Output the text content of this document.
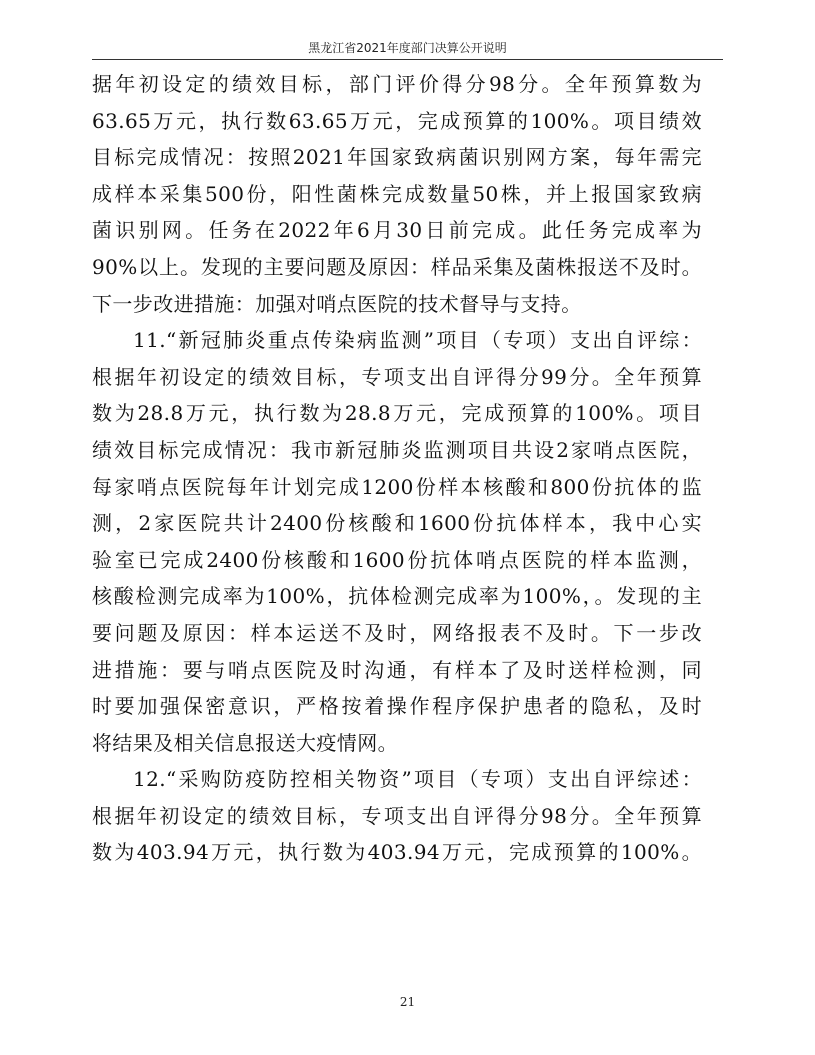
黑龙江省2021年度部门决算公开说明
据年初设定的绩效目标，部门评价得分98分。全年预算数为
63.65万元，执行数63.65万元，完成预算的100%。项目绩效
目标完成情况：按照2021年国家致病菌识别网方案，每年需完
成样本采集500份，阳性菌株完成数量50株，并上报国家致病
菌识别网。任务在2022年6月30日前完成。此任务完成率为
90%以上。发现的主要问题及原因：样品采集及菌株报送不及时。
下一步改进措施：加强对哨点医院的技术督导与支持。
11.“新冠肺炎重点传染病监测”项目（专项）支出自评综：
根据年初设定的绩效目标，专项支出自评得分99分。全年预算
数为28.8万元，执行数为28.8万元，完成预算的100%。项目
绩效目标完成情况：我市新冠肺炎监测项目共设2家哨点医院，
每家哨点医院每年计划完成1200份样本核酸和800份抗体的监
测，2家医院共计2400份核酸和1600份抗体样本，我中心实
验室已完成2400份核酸和1600份抗体哨点医院的样本监测，
核酸检测完成率为100%，抗体检测完成率为100%，。发现的主
要问题及原因：样本运送不及时，网络报表不及时。下一步改
进措施：要与哨点医院及时沟通，有样本了及时送样检测，同
时要加强保密意识，严格按着操作程序保护患者的隐私，及时
将结果及相关信息报送大疫情网。
12.“采购防疫防控相关物资”项目（专项）支出自评综述：
根据年初设定的绩效目标，专项支出自评得分98分。全年预算
数为403.94万元，执行数为403.94万元，完成预算的100%。
21
